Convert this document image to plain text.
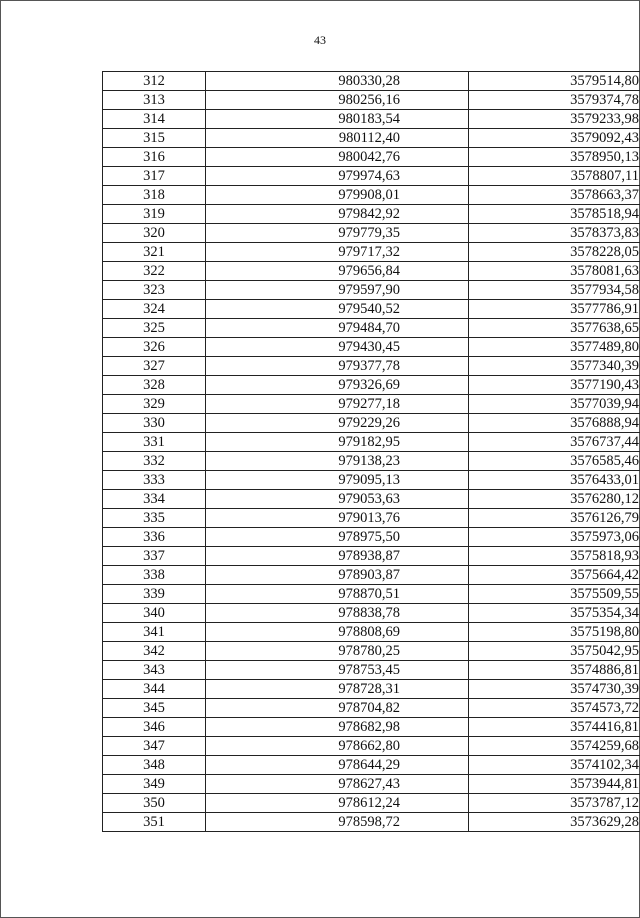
43
312	980330,28	3579514,80
313	980256,16	3579374,78
314	980183,54	3579233,98
315	980112,40	3579092,43
316	980042,76	3578950,13
317	979974,63	3578807,11
318	979908,01	3578663,37
319	979842,92	3578518,94
320	979779,35	3578373,83
321	979717,32	3578228,05
322	979656,84	3578081,63
323	979597,90	3577934,58
324	979540,52	3577786,91
325	979484,70	3577638,65
326	979430,45	3577489,80
327	979377,78	3577340,39
328	979326,69	3577190,43
329	979277,18	3577039,94
330	979229,26	3576888,94
331	979182,95	3576737,44
332	979138,23	3576585,46
333	979095,13	3576433,01
334	979053,63	3576280,12
335	979013,76	3576126,79
336	978975,50	3575973,06
337	978938,87	3575818,93
338	978903,87	3575664,42
339	978870,51	3575509,55
340	978838,78	3575354,34
341	978808,69	3575198,80
342	978780,25	3575042,95
343	978753,45	3574886,81
344	978728,31	3574730,39
345	978704,82	3574573,72
346	978682,98	3574416,81
347	978662,80	3574259,68
348	978644,29	3574102,34
349	978627,43	3573944,81
350	978612,24	3573787,12
351	978598,72	3573629,28
